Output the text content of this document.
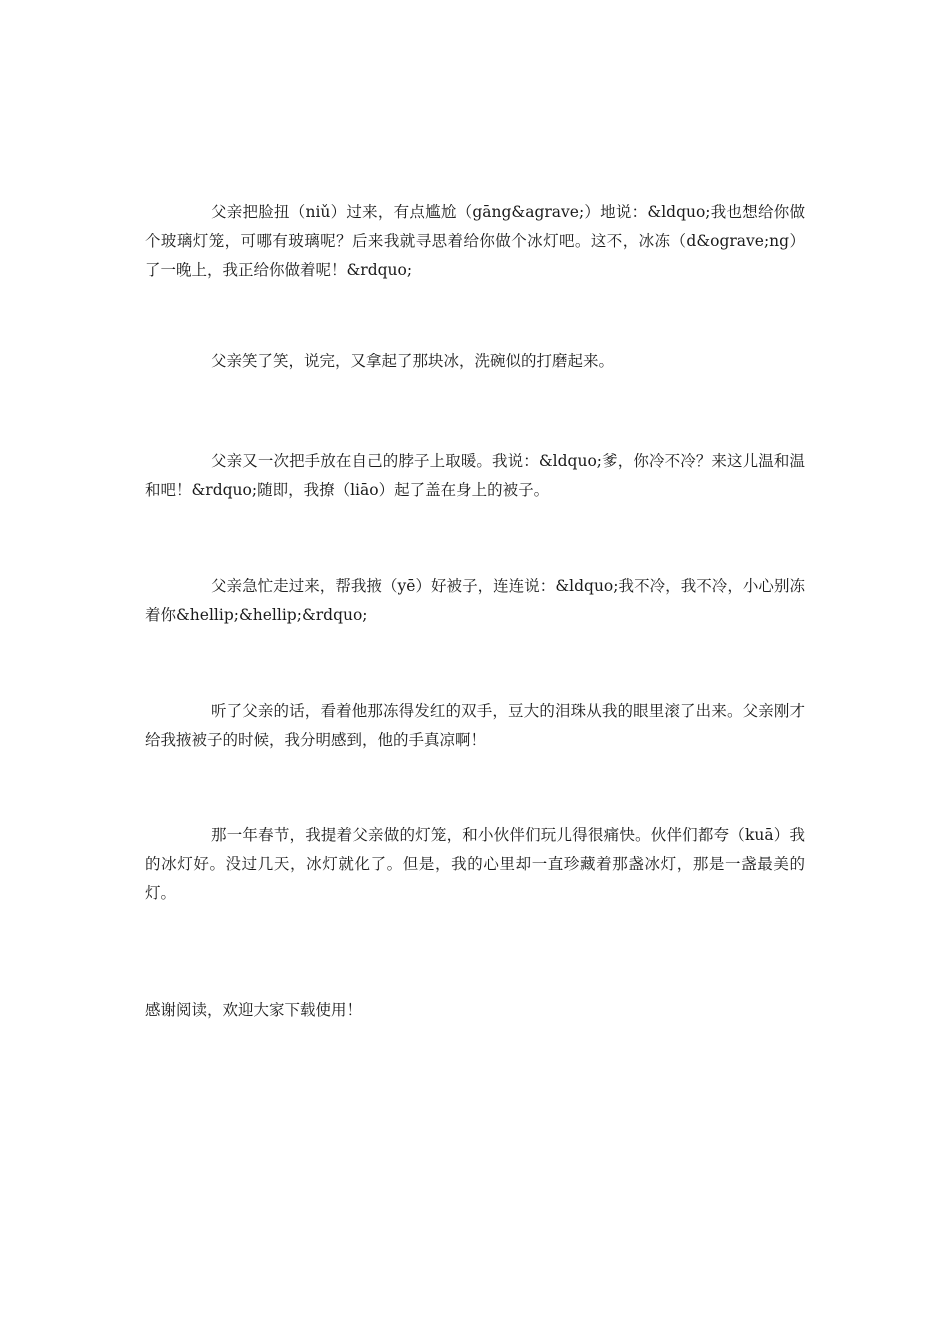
父亲把脸扭（niǔ）过来，有点尴尬（gāng&agrave;）地说：&ldquo;我也想给你做个玻璃灯笼，可哪有玻璃呢？后来我就寻思着给你做个冰灯吧。这不，冰冻（d&ograve;ng）了一晚上，我正给你做着呢！&rdquo;

父亲笑了笑，说完，又拿起了那块冰，洗碗似的打磨起来。

父亲又一次把手放在自己的脖子上取暖。我说：&ldquo;爹，你冷不冷？来这儿温和温和吧！&rdquo;随即，我撩（liāo）起了盖在身上的被子。

父亲急忙走过来，帮我掖（yē）好被子，连连说：&ldquo;我不冷，我不冷，小心别冻着你&hellip;&hellip;&rdquo;

听了父亲的话，看着他那冻得发红的双手，豆大的泪珠从我的眼里滚了出来。父亲刚才给我掖被子的时候，我分明感到，他的手真凉啊！

那一年春节，我提着父亲做的灯笼，和小伙伴们玩儿得很痛快。伙伴们都夸（kuā）我的冰灯好。没过几天，冰灯就化了。但是，我的心里却一直珍藏着那盏冰灯，那是一盏最美的灯。

感谢阅读，欢迎大家下载使用！
